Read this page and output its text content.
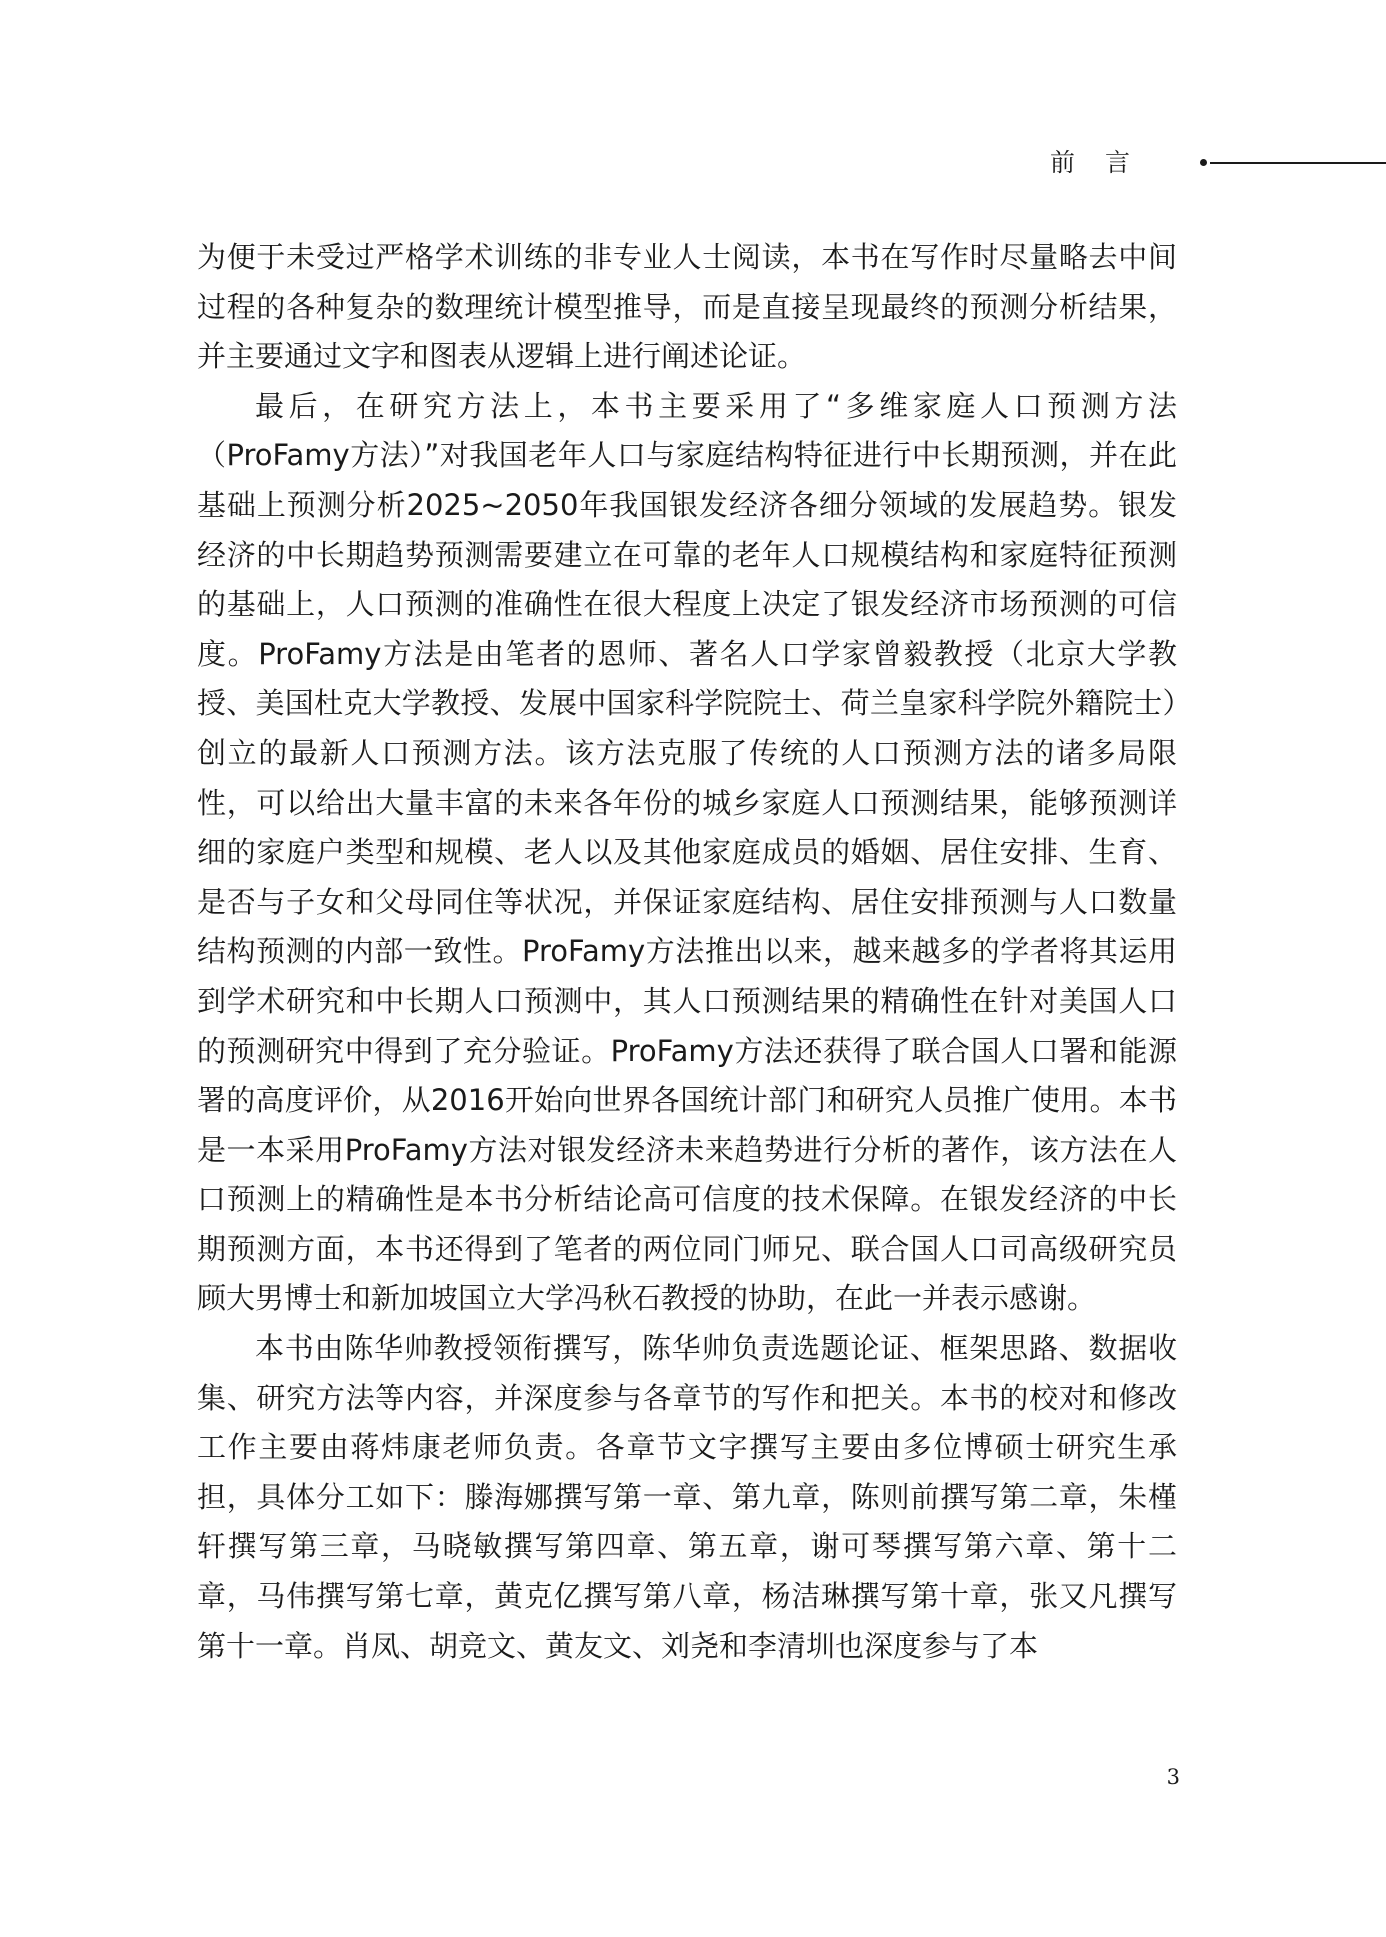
前言

为便于未受过严格学术训练的非专业人士阅读，本书在写作时尽量略去中间过程的各种复杂的数理统计模型推导，而是直接呈现最终的预测分析结果，并主要通过文字和图表从逻辑上进行阐述论证。

最后，在研究方法上，本书主要采用了“多维家庭人口预测方法（ProFamy方法）”对我国老年人口与家庭结构特征进行中长期预测，并在此基础上预测分析2025~2050年我国银发经济各细分领域的发展趋势。银发经济的中长期趋势预测需要建立在可靠的老年人口规模结构和家庭特征预测的基础上，人口预测的准确性在很大程度上决定了银发经济市场预测的可信度。ProFamy方法是由笔者的恩师、著名人口学家曾毅教授（北京大学教授、美国杜克大学教授、发展中国家科学院院士、荷兰皇家科学院外籍院士）创立的最新人口预测方法。该方法克服了传统的人口预测方法的诸多局限性，可以给出大量丰富的未来各年份的城乡家庭人口预测结果，能够预测详细的家庭户类型和规模、老人以及其他家庭成员的婚姻、居住安排、生育、是否与子女和父母同住等状况，并保证家庭结构、居住安排预测与人口数量结构预测的内部一致性。ProFamy方法推出以来，越来越多的学者将其运用到学术研究和中长期人口预测中，其人口预测结果的精确性在针对美国人口的预测研究中得到了充分验证。ProFamy方法还获得了联合国人口署和能源署的高度评价，从2016开始向世界各国统计部门和研究人员推广使用。本书是一本采用ProFamy方法对银发经济未来趋势进行分析的著作，该方法在人口预测上的精确性是本书分析结论高可信度的技术保障。在银发经济的中长期预测方面，本书还得到了笔者的两位同门师兄、联合国人口司高级研究员顾大男博士和新加坡国立大学冯秋石教授的协助，在此一并表示感谢。

本书由陈华帅教授领衔撰写，陈华帅负责选题论证、框架思路、数据收集、研究方法等内容，并深度参与各章节的写作和把关。本书的校对和修改工作主要由蒋炜康老师负责。各章节文字撰写主要由多位博硕士研究生承担，具体分工如下：滕海娜撰写第一章、第九章，陈则前撰写第二章，朱槿轩撰写第三章，马晓敏撰写第四章、第五章，谢可琴撰写第六章、第十二章，马伟撰写第七章，黄克亿撰写第八章，杨洁琳撰写第十章，张又凡撰写第十一章。肖凤、胡竞文、黄友文、刘尧和李清圳也深度参与了本

3
